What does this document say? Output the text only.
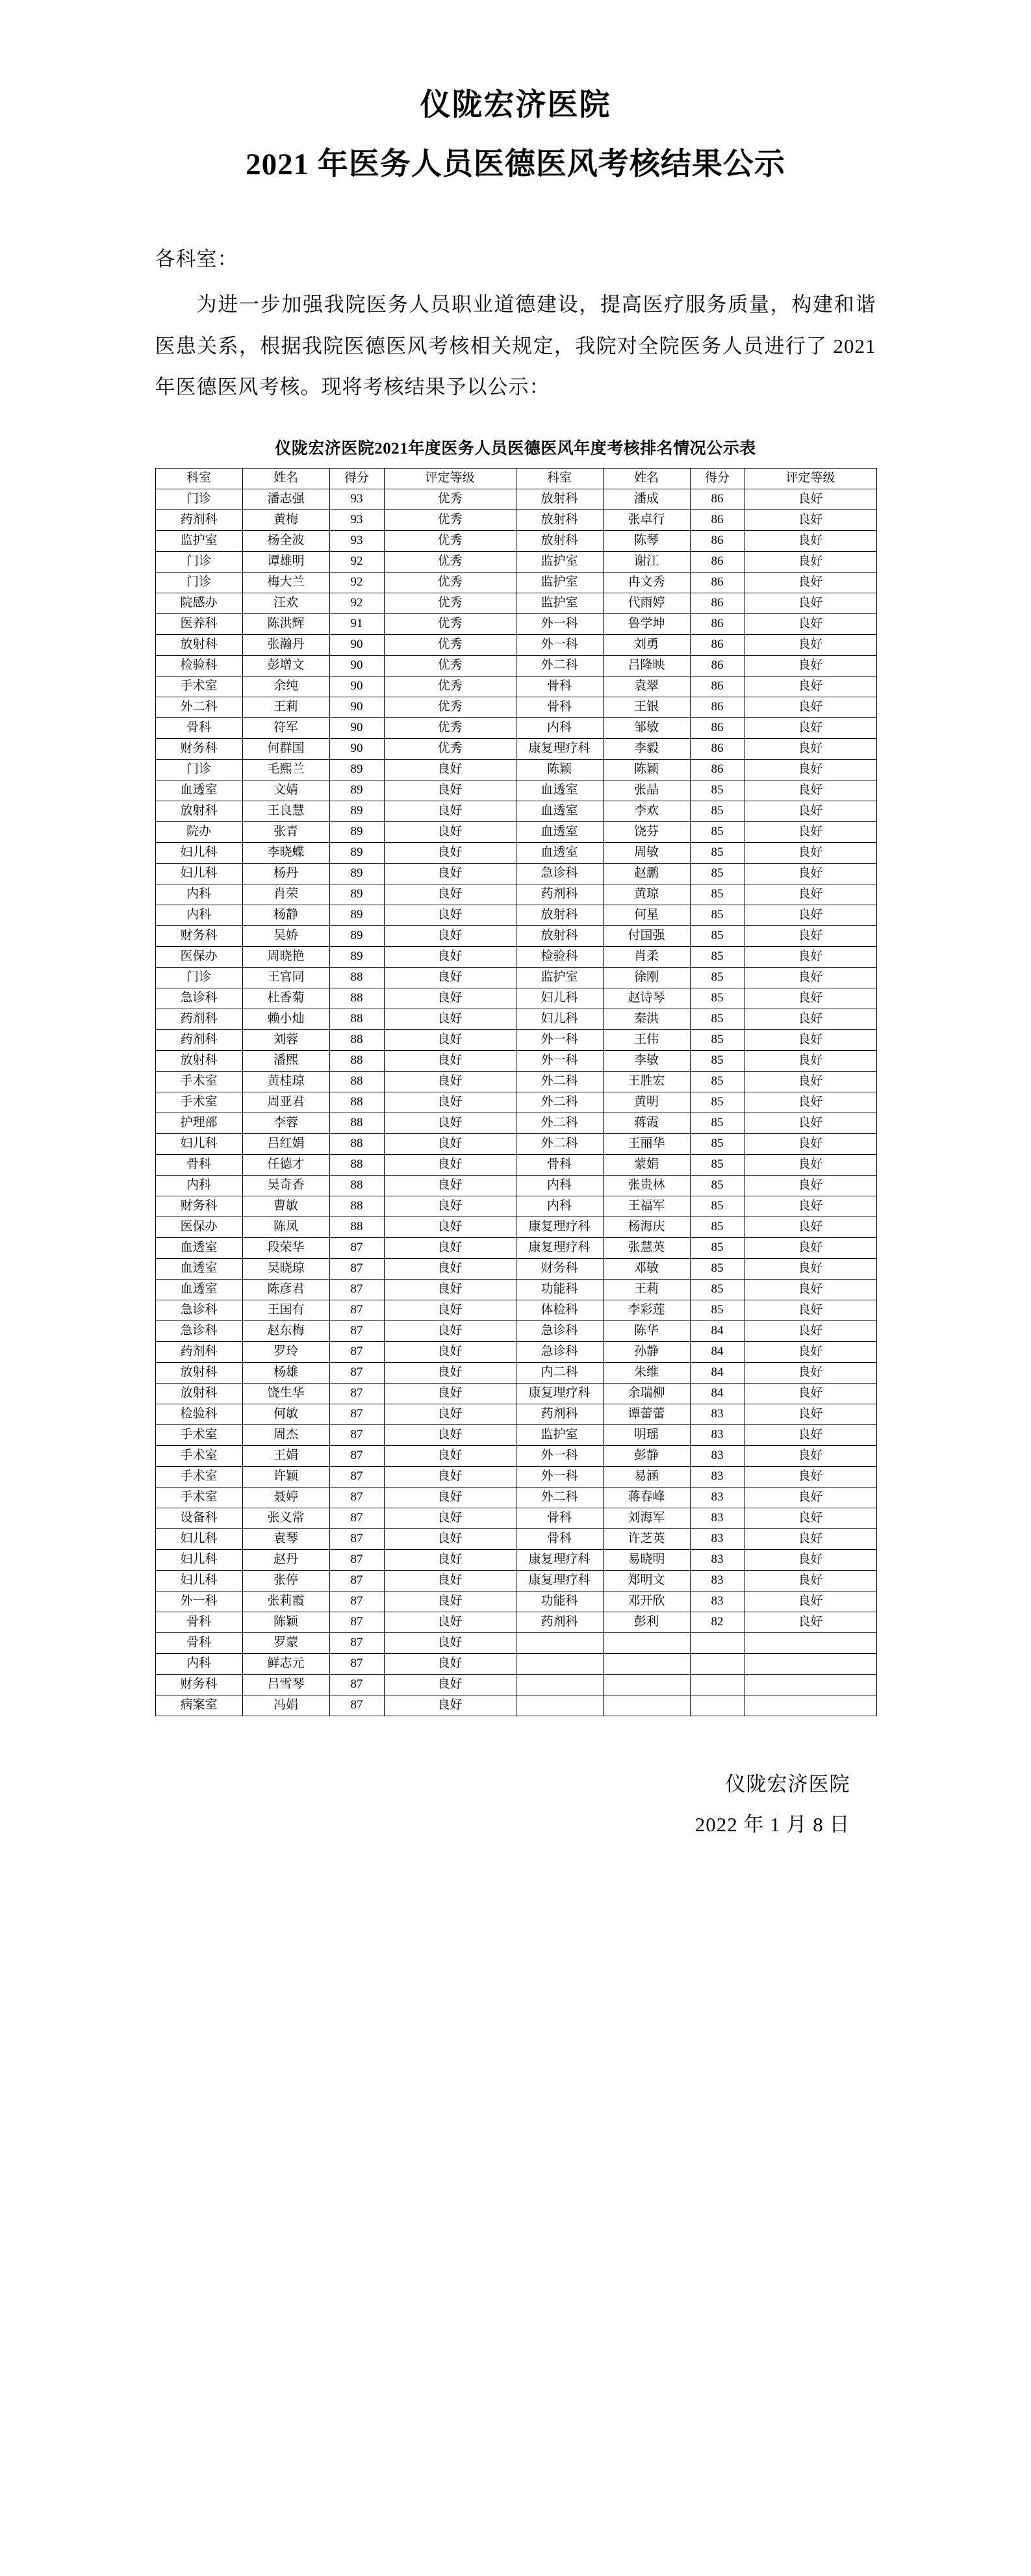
仪陇宏济医院
2021 年医务人员医德医风考核结果公示
各科室：
为进一步加强我院医务人员职业道德建设，提高医疗服务质量，构建和谐医患关系，根据我院医德医风考核相关规定，我院对全院医务人员进行了 2021 年医德医风考核。现将考核结果予以公示：
仪陇宏济医院2021年度医务人员医德医风年度考核排名情况公示表
科室	姓名	得分	评定等级	科室	姓名	得分	评定等级
门诊	潘志强	93	优秀	放射科	潘成	86	良好
药剂科	黄梅	93	优秀	放射科	张卓行	86	良好
监护室	杨全波	93	优秀	放射科	陈琴	86	良好
门诊	谭雄明	92	优秀	监护室	谢江	86	良好
门诊	梅大兰	92	优秀	监护室	冉文秀	86	良好
院感办	汪欢	92	优秀	监护室	代雨婷	86	良好
医养科	陈洪辉	91	优秀	外一科	鲁学坤	86	良好
放射科	张瀚丹	90	优秀	外一科	刘勇	86	良好
检验科	彭增文	90	优秀	外二科	吕隆映	86	良好
手术室	余纯	90	优秀	骨科	袁翠	86	良好
外二科	王莉	90	优秀	骨科	王银	86	良好
骨科	符军	90	优秀	内科	邹敏	86	良好
财务科	何群国	90	优秀	康复理疗科	李毅	86	良好
门诊	毛熙兰	89	良好	陈颖	陈颖	86	良好
血透室	文婧	89	良好	血透室	张晶	85	良好
放射科	王良慧	89	良好	血透室	李欢	85	良好
院办	张青	89	良好	血透室	饶芬	85	良好
妇儿科	李晓蝶	89	良好	血透室	周敏	85	良好
妇儿科	杨丹	89	良好	急诊科	赵鹏	85	良好
内科	肖荣	89	良好	药剂科	黄琼	85	良好
内科	杨静	89	良好	放射科	何星	85	良好
财务科	吴娇	89	良好	放射科	付国强	85	良好
医保办	周晓艳	89	良好	检验科	肖柔	85	良好
门诊	王官同	88	良好	监护室	徐刚	85	良好
急诊科	杜香菊	88	良好	妇儿科	赵诗琴	85	良好
药剂科	赖小灿	88	良好	妇儿科	秦洪	85	良好
药剂科	刘蓉	88	良好	外一科	王伟	85	良好
放射科	潘熙	88	良好	外一科	李敏	85	良好
手术室	黄桂琼	88	良好	外二科	王胜宏	85	良好
手术室	周亚君	88	良好	外二科	黄明	85	良好
护理部	李蓉	88	良好	外二科	蒋霞	85	良好
妇儿科	吕红娟	88	良好	外二科	王丽华	85	良好
骨科	任德才	88	良好	骨科	蒙娟	85	良好
内科	吴奇香	88	良好	内科	张贵林	85	良好
财务科	曹敏	88	良好	内科	王福军	85	良好
医保办	陈凤	88	良好	康复理疗科	杨海庆	85	良好
血透室	段荣华	87	良好	康复理疗科	张慧英	85	良好
血透室	吴晓琼	87	良好	财务科	邓敏	85	良好
血透室	陈彦君	87	良好	功能科	王莉	85	良好
急诊科	王国有	87	良好	体检科	李彩莲	85	良好
急诊科	赵东梅	87	良好	急诊科	陈华	84	良好
药剂科	罗玲	87	良好	急诊科	孙静	84	良好
放射科	杨雄	87	良好	内二科	朱维	84	良好
放射科	饶生华	87	良好	康复理疗科	余瑞柳	84	良好
检验科	何敏	87	良好	药剂科	谭蕾蕾	83	良好
手术室	周杰	87	良好	监护室	明瑶	83	良好
手术室	王娟	87	良好	外一科	彭静	83	良好
手术室	许颖	87	良好	外一科	易涵	83	良好
手术室	聂婷	87	良好	外二科	蒋春峰	83	良好
设备科	张义常	87	良好	骨科	刘海军	83	良好
妇儿科	袁琴	87	良好	骨科	许芝英	83	良好
妇儿科	赵丹	87	良好	康复理疗科	易晓明	83	良好
妇儿科	张停	87	良好	康复理疗科	郑明文	83	良好
外一科	张莉霞	87	良好	功能科	邓开欣	83	良好
骨科	陈颖	87	良好	药剂科	彭利	82	良好
骨科	罗蒙	87	良好				
内科	鲜志元	87	良好				
财务科	吕雪琴	87	良好				
病案室	冯娟	87	良好				
仪陇宏济医院
2022 年 1 月 8 日
